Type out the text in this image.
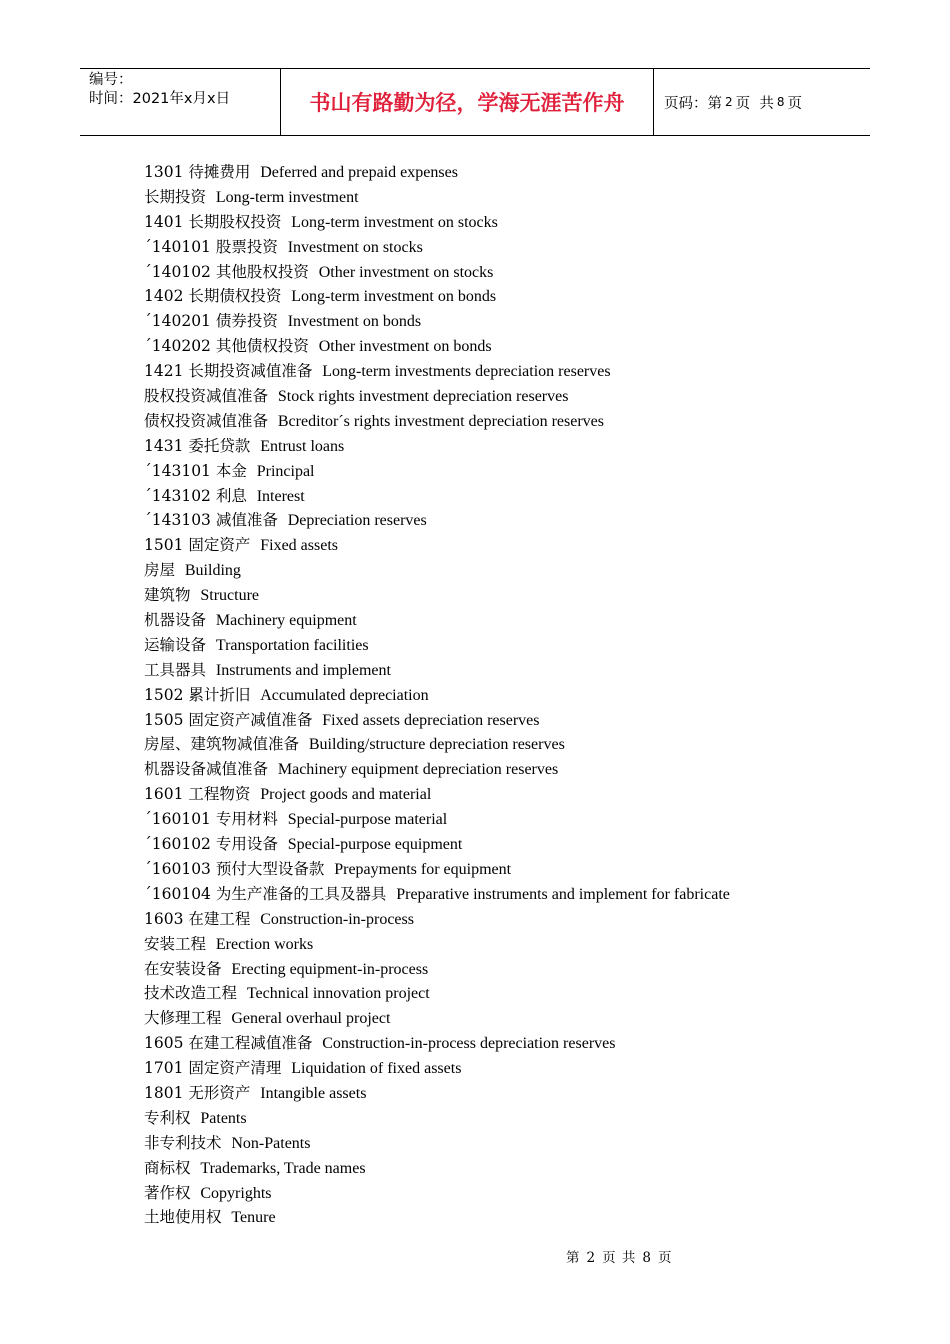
编号：
时间：2021年x月x日	书山有路勤为径，学海无涯苦作舟	页码：第 2 页  共 8 页
1301 待摊费用 Deferred and prepaid expenses
长期投资 Long-term investment
1401 长期股权投资 Long-term investment on stocks
´140101 股票投资 Investment on stocks
´140102 其他股权投资 Other investment on stocks
1402 长期债权投资 Long-term investment on bonds
´140201 债券投资 Investment on bonds
´140202 其他债权投资 Other investment on bonds
1421 长期投资减值准备 Long-term investments depreciation reserves
股权投资减值准备 Stock rights investment depreciation reserves
债权投资减值准备 Bcreditor´s rights investment depreciation reserves
1431 委托贷款 Entrust loans
´143101 本金 Principal
´143102 利息 Interest
´143103 减值准备 Depreciation reserves
1501 固定资产 Fixed assets
房屋 Building
建筑物 Structure
机器设备 Machinery equipment
运输设备 Transportation facilities
工具器具 Instruments and implement
1502 累计折旧 Accumulated depreciation
1505 固定资产减值准备 Fixed assets depreciation reserves
房屋、建筑物减值准备 Building/structure depreciation reserves
机器设备减值准备 Machinery equipment depreciation reserves
1601 工程物资 Project goods and material
´160101 专用材料 Special-purpose material
´160102 专用设备 Special-purpose equipment
´160103 预付大型设备款 Prepayments for equipment
´160104 为生产准备的工具及器具 Preparative instruments and implement for fabricate
1603 在建工程 Construction-in-process
安装工程 Erection works
在安装设备 Erecting equipment-in-process
技术改造工程 Technical innovation project
大修理工程 General overhaul project
1605 在建工程减值准备 Construction-in-process depreciation reserves
1701 固定资产清理 Liquidation of fixed assets
1801 无形资产 Intangible assets
专利权 Patents
非专利技术 Non-Patents
商标权 Trademarks, Trade names
著作权 Copyrights
土地使用权 Tenure
第 2 页 共 8 页
